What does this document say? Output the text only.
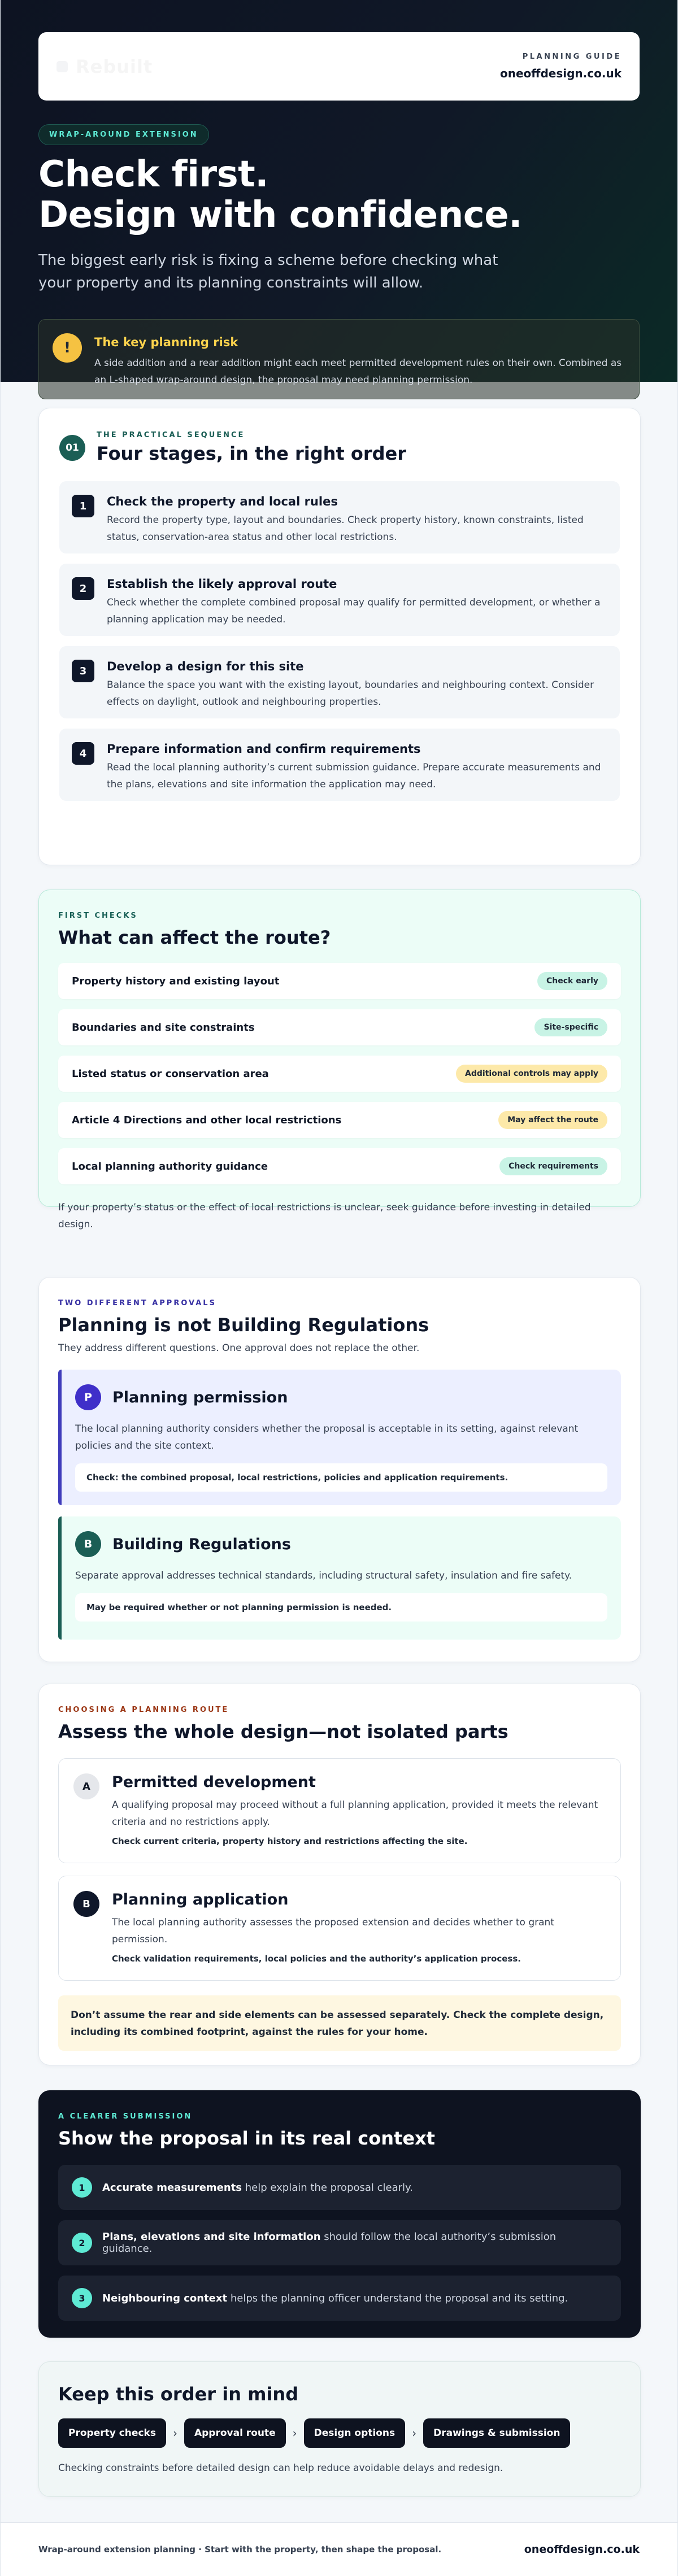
Rebuilt	PLANNING GUIDE
oneoffdesign.co.uk
WRAP-AROUND EXTENSION
Check first.
Design with confidence.

The biggest early risk is fixing a scheme before checking what your property and its planning constraints will allow.

!	The key planning risk
A side addition and a rear addition might each meet permitted development rules on their own. Combined as an L-shaped wrap-around design, the proposal may need planning permission.
01
THE PRACTICAL SEQUENCE
Four stages, in the right order
1	Check the property and local rules
Record the property type, layout and boundaries. Check property history, known constraints, listed status, conservation-area status and other local restrictions.
2	Establish the likely approval route
Check whether the complete combined proposal may qualify for permitted development, or whether a planning application may be needed.
3	Develop a design for this site
Balance the space you want with the existing layout, boundaries and neighbouring context. Consider effects on daylight, outlook and neighbouring properties.
4	Prepare information and confirm requirements
Read the local planning authority’s current submission guidance. Prepare accurate measurements and the plans, elevations and site information the application may need.
FIRST CHECKS
What can affect the route?
Property history and existing layout	Check early
Boundaries and site constraints	Site-specific
Listed status or conservation area	Additional controls may apply
Article 4 Directions and other local restrictions	May affect the route
Local planning authority guidance	Check requirements

If your property’s status or the effect of local restrictions is unclear, seek guidance before investing in detailed design.

TWO DIFFERENT APPROVALS
Planning is not Building Regulations

They address different questions. One approval does not replace the other.

P	Planning permission

The local planning authority considers whether the proposal is acceptable in its setting, against relevant policies and the site context.

Check: the combined proposal, local restrictions, policies and application requirements.
B	Building Regulations

Separate approval addresses technical standards, including structural safety, insulation and fire safety.

May be required whether or not planning permission is needed.
CHOOSING A PLANNING ROUTE
Assess the whole design—not isolated parts
A	Permitted development
A qualifying proposal may proceed without a full planning application, provided it meets the relevant criteria and no restrictions apply.
Check current criteria, property history and restrictions affecting the site.
B	Planning application
The local planning authority assesses the proposed extension and decides whether to grant permission.
Check validation requirements, local policies and the authority’s application process.
Don’t assume the rear and side elements can be assessed separately. Check the complete design, including its combined footprint, against the rules for your home.
A CLEARER SUBMISSION
Show the proposal in its real context
1	Accurate measurements help explain the proposal clearly.
2	Plans, elevations and site information should follow the local authority’s submission guidance.
3	Neighbouring context helps the planning officer understand the proposal and its setting.
Keep this order in mind
Property checks	›	Approval route	›	Design options	›	Drawings & submission

Checking constraints before detailed design can help reduce avoidable delays and redesign.

Wrap-around extension planning · Start with the property, then shape the proposal.	oneoffdesign.co.uk
